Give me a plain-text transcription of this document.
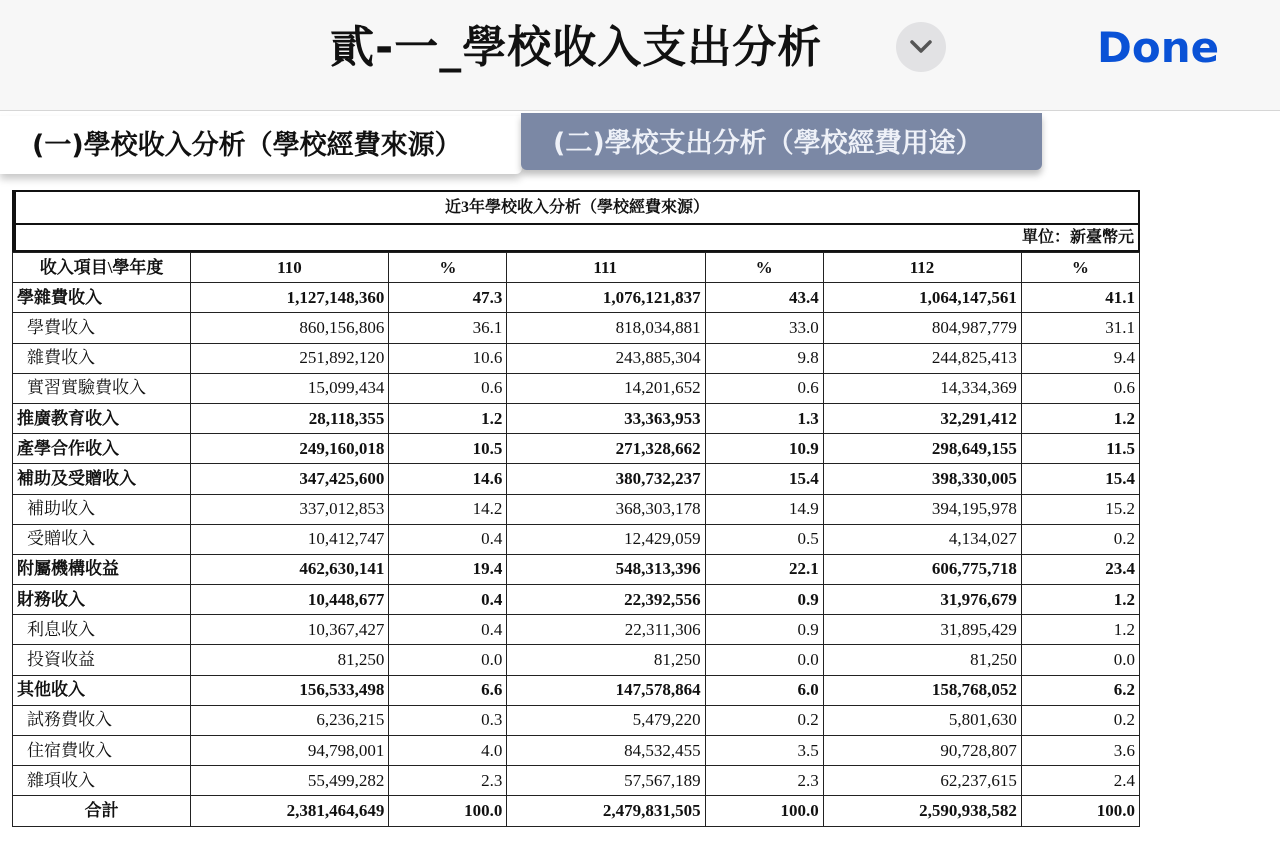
貳-一_學校收入支出分析	Done
(一)學校收入分析（學校經費來源）	(二)學校支出分析（學校經費用途）
近3年學校收入分析（學校經費來源）
單位：新臺幣元
收入項目\學年度	110	%	111	%	112	%
學雜費收入	1,127,148,360	47.3	1,076,121,837	43.4	1,064,147,561	41.1
學費收入	860,156,806	36.1	818,034,881	33.0	804,987,779	31.1
雜費收入	251,892,120	10.6	243,885,304	9.8	244,825,413	9.4
實習實驗費收入	15,099,434	0.6	14,201,652	0.6	14,334,369	0.6
推廣教育收入	28,118,355	1.2	33,363,953	1.3	32,291,412	1.2
產學合作收入	249,160,018	10.5	271,328,662	10.9	298,649,155	11.5
補助及受贈收入	347,425,600	14.6	380,732,237	15.4	398,330,005	15.4
補助收入	337,012,853	14.2	368,303,178	14.9	394,195,978	15.2
受贈收入	10,412,747	0.4	12,429,059	0.5	4,134,027	0.2
附屬機構收益	462,630,141	19.4	548,313,396	22.1	606,775,718	23.4
財務收入	10,448,677	0.4	22,392,556	0.9	31,976,679	1.2
利息收入	10,367,427	0.4	22,311,306	0.9	31,895,429	1.2
投資收益	81,250	0.0	81,250	0.0	81,250	0.0
其他收入	156,533,498	6.6	147,578,864	6.0	158,768,052	6.2
試務費收入	6,236,215	0.3	5,479,220	0.2	5,801,630	0.2
住宿費收入	94,798,001	4.0	84,532,455	3.5	90,728,807	3.6
雜項收入	55,499,282	2.3	57,567,189	2.3	62,237,615	2.4
合計	2,381,464,649	100.0	2,479,831,505	100.0	2,590,938,582	100.0
